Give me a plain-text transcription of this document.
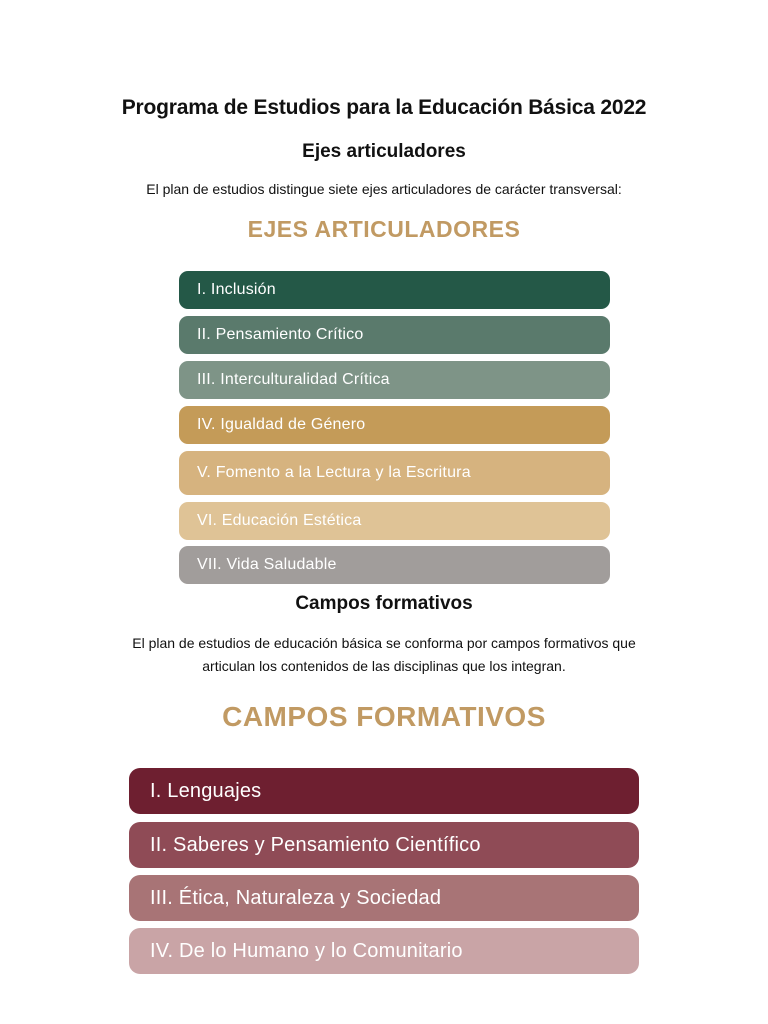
Programa de Estudios para la Educación Básica 2022
Ejes articuladores
El plan de estudios distingue siete ejes articuladores de carácter transversal:
EJES ARTICULADORES
I. Inclusión
II. Pensamiento Crítico
III. Interculturalidad Crítica
IV. Igualdad de Género
V. Fomento a la Lectura y la Escritura
VI. Educación Estética
VII. Vida Saludable
Campos formativos
El plan de estudios de educación básica se conforma por campos formativos que
articulan los contenidos de las disciplinas que los integran.
CAMPOS FORMATIVOS
I. Lenguajes
II. Saberes y Pensamiento Científico
III. Ética, Naturaleza y Sociedad
IV. De lo Humano y lo Comunitario
